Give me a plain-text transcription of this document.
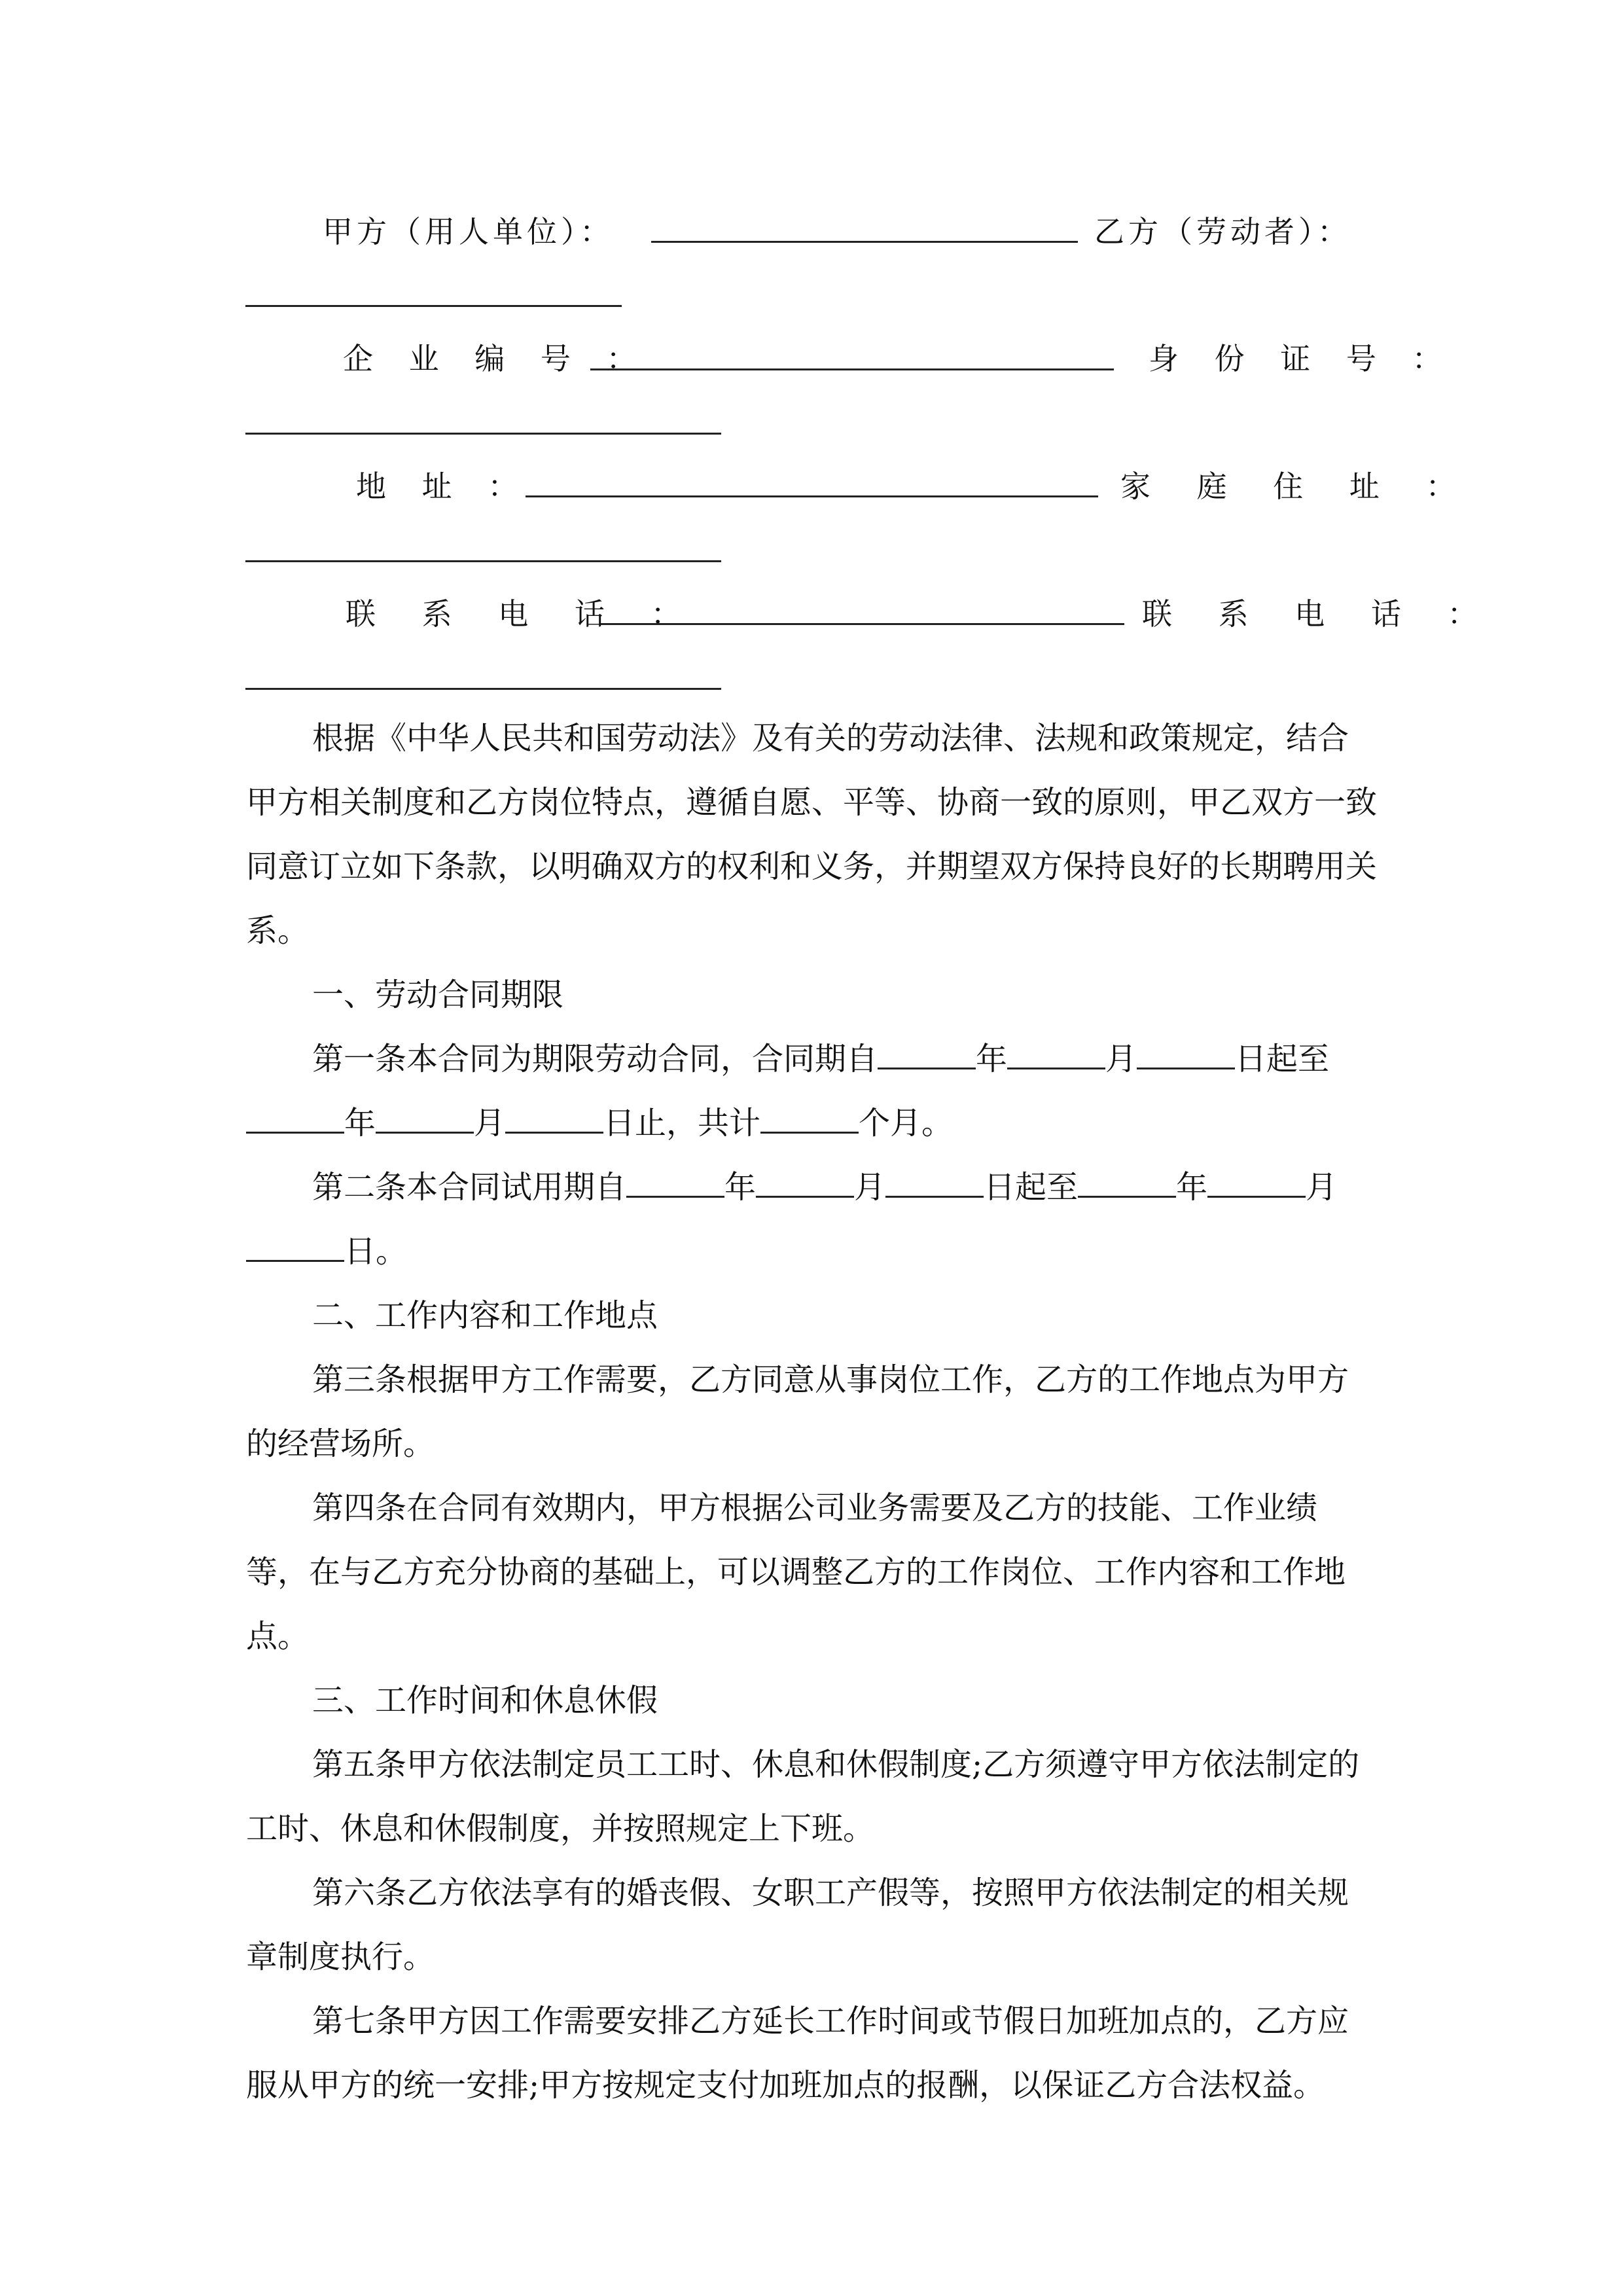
甲方（用人单位）：	乙方（劳动者）：
企 业 编 号 ：	身 份 证 号 ：
地 址 ：	家 庭 住 址 ：
联 系 电 话 ：	联 系 电 话 ：

根据《中华人民共和国劳动法》及有关的劳动法律、法规和政策规定，结合甲方相关制度和乙方岗位特点，遵循自愿、平等、协商一致的原则，甲乙双方一致同意订立如下条款，以明确双方的权利和义务，并期望双方保持良好的长期聘用关系。

一、劳动合同期限

第一条本合同为期限劳动合同，合同期自	年	月	日起至

年	月	日止，共计	个月。

第二条本合同试用期自	年	月	日起至	年	月

日。

二、工作内容和工作地点

第三条根据甲方工作需要，乙方同意从事岗位工作，乙方的工作地点为甲方的经营场所。

第四条在合同有效期内，甲方根据公司业务需要及乙方的技能、工作业绩等，在与乙方充分协商的基础上，可以调整乙方的工作岗位、工作内容和工作地点。

三、工作时间和休息休假

第五条甲方依法制定员工工时、休息和休假制度;乙方须遵守甲方依法制定的工时、休息和休假制度，并按照规定上下班。

第六条乙方依法享有的婚丧假、女职工产假等，按照甲方依法制定的相关规章制度执行。

第七条甲方因工作需要安排乙方延长工作时间或节假日加班加点的，乙方应服从甲方的统一安排;甲方按规定支付加班加点的报酬，以保证乙方合法权益。
